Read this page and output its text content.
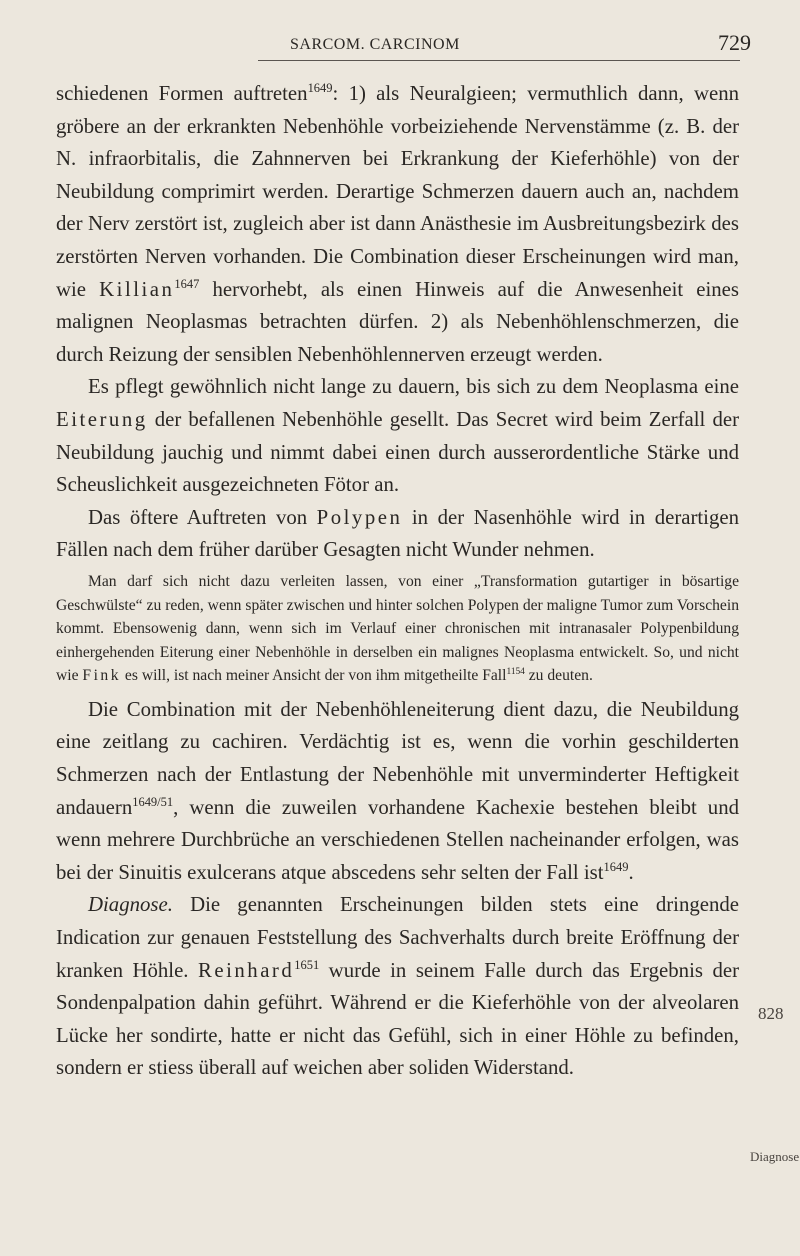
SARCOM. CARCINOM	729

schiedenen Formen auftreten$^{1649}$: 1) als Neuralgieen; vermuthlich dann, wenn gröbere an der erkrankten Nebenhöhle vorbeiziehende Nervenstämme (z. B. der N. infraorbitalis, die Zahnnerven bei Erkrankung der Kieferhöhle) von der Neubildung comprimirt werden. Derartige Schmerzen dauern auch an, nachdem der Nerv zerstört ist, zugleich aber ist dann Anästhesie im Ausbreitungsbezirk des zerstörten Nerven vorhanden. Die Combination dieser Erscheinungen wird man, wie Killian$^{1647}$ hervorhebt, als einen Hinweis auf die Anwesenheit eines malignen Neoplasmas betrachten dürfen. 2) als Nebenhöhlenschmerzen, die durch Reizung der sensiblen Nebenhöhlennerven erzeugt werden.

Es pflegt gewöhnlich nicht lange zu dauern, bis sich zu dem Neoplasma eine Eiterung der befallenen Nebenhöhle gesellt. Das Secret wird beim Zerfall der Neubildung jauchig und nimmt dabei einen durch ausserordentliche Stärke und Scheuslichkeit ausgezeichneten Fötor an.

Das öftere Auftreten von Polypen in der Nasenhöhle wird in derartigen Fällen nach dem früher darüber Gesagten nicht Wunder nehmen.

Man darf sich nicht dazu verleiten lassen, von einer „Transformation gutartiger in bösartige Geschwülste“ zu reden, wenn später zwischen und hinter solchen Polypen der maligne Tumor zum Vorschein kommt. Ebensowenig dann, wenn sich im Verlauf einer chronischen mit intranasaler Polypenbildung einhergehenden Eiterung einer Nebenhöhle in derselben ein malignes Neoplasma entwickelt. So, und nicht wie Fink es will, ist nach meiner Ansicht der von ihm mitgetheilte Fall$^{1154}$ zu deuten.

Die Combination mit der Nebenhöhleneiterung dient dazu, die Neubildung eine zeitlang zu cachiren. Verdächtig ist es, wenn die vorhin geschilderten Schmerzen nach der Entlastung der Nebenhöhle mit unverminderter Heftigkeit andauern$^{1649/51}$, wenn die zuweilen vorhandene Kachexie bestehen bleibt und wenn mehrere Durchbrüche an verschiedenen Stellen nacheinander erfolgen, was bei der Sinuitis exulcerans atque abscedens sehr selten der Fall ist$^{1649}$.

Diagnose. Die genannten Erscheinungen bilden stets eine dringende Indication zur genauen Feststellung des Sachverhalts durch breite Eröffnung der kranken Höhle. Reinhard$^{1651}$ wurde in seinem Falle durch das Ergebnis der Sondenpalpation dahin geführt. Während er die Kieferhöhle von der alveolaren Lücke her sondirte, hatte er nicht das Gefühl, sich in einer Höhle zu befinden, sondern er stiess überall auf weichen aber soliden Widerstand.

828
Diagnose
